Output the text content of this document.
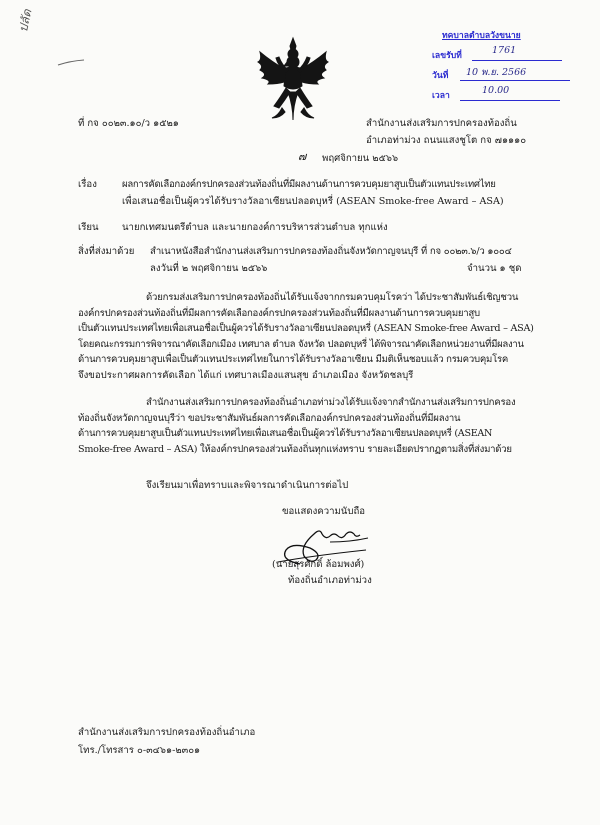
ปลัด
ทคบาลตำบลวังขนาย
เลขรับที่	1761
วันที่ 10 พ.ย. 2566
เวลา	10.00
ที่ กจ ๐๐๒๓.๑๐/ว ๑๕๒๑	สำนักงานส่งเสริมการปกครองท้องถิ่น
อำเภอท่าม่วง ถนนแสงชูโต กจ ๗๑๑๑๐
๗ พฤศจิกายน ๒๕๖๖
เรื่อง	ผลการคัดเลือกองค์กรปกครองส่วนท้องถิ่นที่มีผลงานด้านการควบคุมยาสูบเป็นตัวแทนประเทศไทย
เพื่อเสนอชื่อเป็นผู้ควรได้รับรางวัลอาเซียนปลอดบุหรี่ (ASEAN Smoke-free Award – ASA)
เรียน นายกเทศมนตรีตำบล และนายกองค์การบริหารส่วนตำบล ทุกแห่ง
สิ่งที่ส่งมาด้วย สำเนาหนังสือสำนักงานส่งเสริมการปกครองท้องถิ่นจังหวัดกาญจนบุรี ที่ กจ ๐๐๒๓.๖/ว ๑๐๐๔
ลงวันที่ ๒ พฤศจิกายน ๒๕๖๖	จำนวน ๑ ชุด
ด้วยกรมส่งเสริมการปกครองท้องถิ่นได้รับแจ้งจากกรมควบคุมโรคว่า ได้ประชาสัมพันธ์เชิญชวน
องค์กรปกครองส่วนท้องถิ่นที่มีผลการคัดเลือกองค์กรปกครองส่วนท้องถิ่นที่มีผลงานด้านการควบคุมยาสูบ
เป็นตัวแทนประเทศไทยเพื่อเสนอชื่อเป็นผู้ควรได้รับรางวัลอาเซียนปลอดบุหรี่ (ASEAN Smoke-free Award – ASA)
โดยคณะกรรมการพิจารณาคัดเลือกเมือง เทศบาล ตำบล จังหวัด ปลอดบุหรี่ ได้พิจารณาคัดเลือกหน่วยงานที่มีผลงาน
ด้านการควบคุมยาสูบเพื่อเป็นตัวแทนประเทศไทยในการได้รับรางวัลอาเซียน มีมติเห็นชอบแล้ว กรมควบคุมโรค
จึงขอประกาศผลการคัดเลือก ได้แก่ เทศบาลเมืองแสนสุข อำเภอเมือง จังหวัดชลบุรี
สำนักงานส่งเสริมการปกครองท้องถิ่นอำเภอท่าม่วงได้รับแจ้งจากสำนักงานส่งเสริมการปกครอง
ท้องถิ่นจังหวัดกาญจนบุรีว่า ขอประชาสัมพันธ์ผลการคัดเลือกองค์กรปกครองส่วนท้องถิ่นที่มีผลงาน
ด้านการควบคุมยาสูบเป็นตัวแทนประเทศไทยเพื่อเสนอชื่อเป็นผู้ควรได้รับรางวัลอาเซียนปลอดบุหรี่ (ASEAN
Smoke-free Award – ASA) ให้องค์กรปกครองส่วนท้องถิ่นทุกแห่งทราบ รายละเอียดปรากฏตามสิ่งที่ส่งมาด้วย
จึงเรียนมาเพื่อทราบและพิจารณาดำเนินการต่อไป
ขอแสดงความนับถือ
(นายสุรศักดิ์ ล้อมพงศ์)
ท้องถิ่นอำเภอท่าม่วง
สำนักงานส่งเสริมการปกครองท้องถิ่นอำเภอ
โทร./โทรสาร ๐-๓๔๖๑-๒๓๐๑
